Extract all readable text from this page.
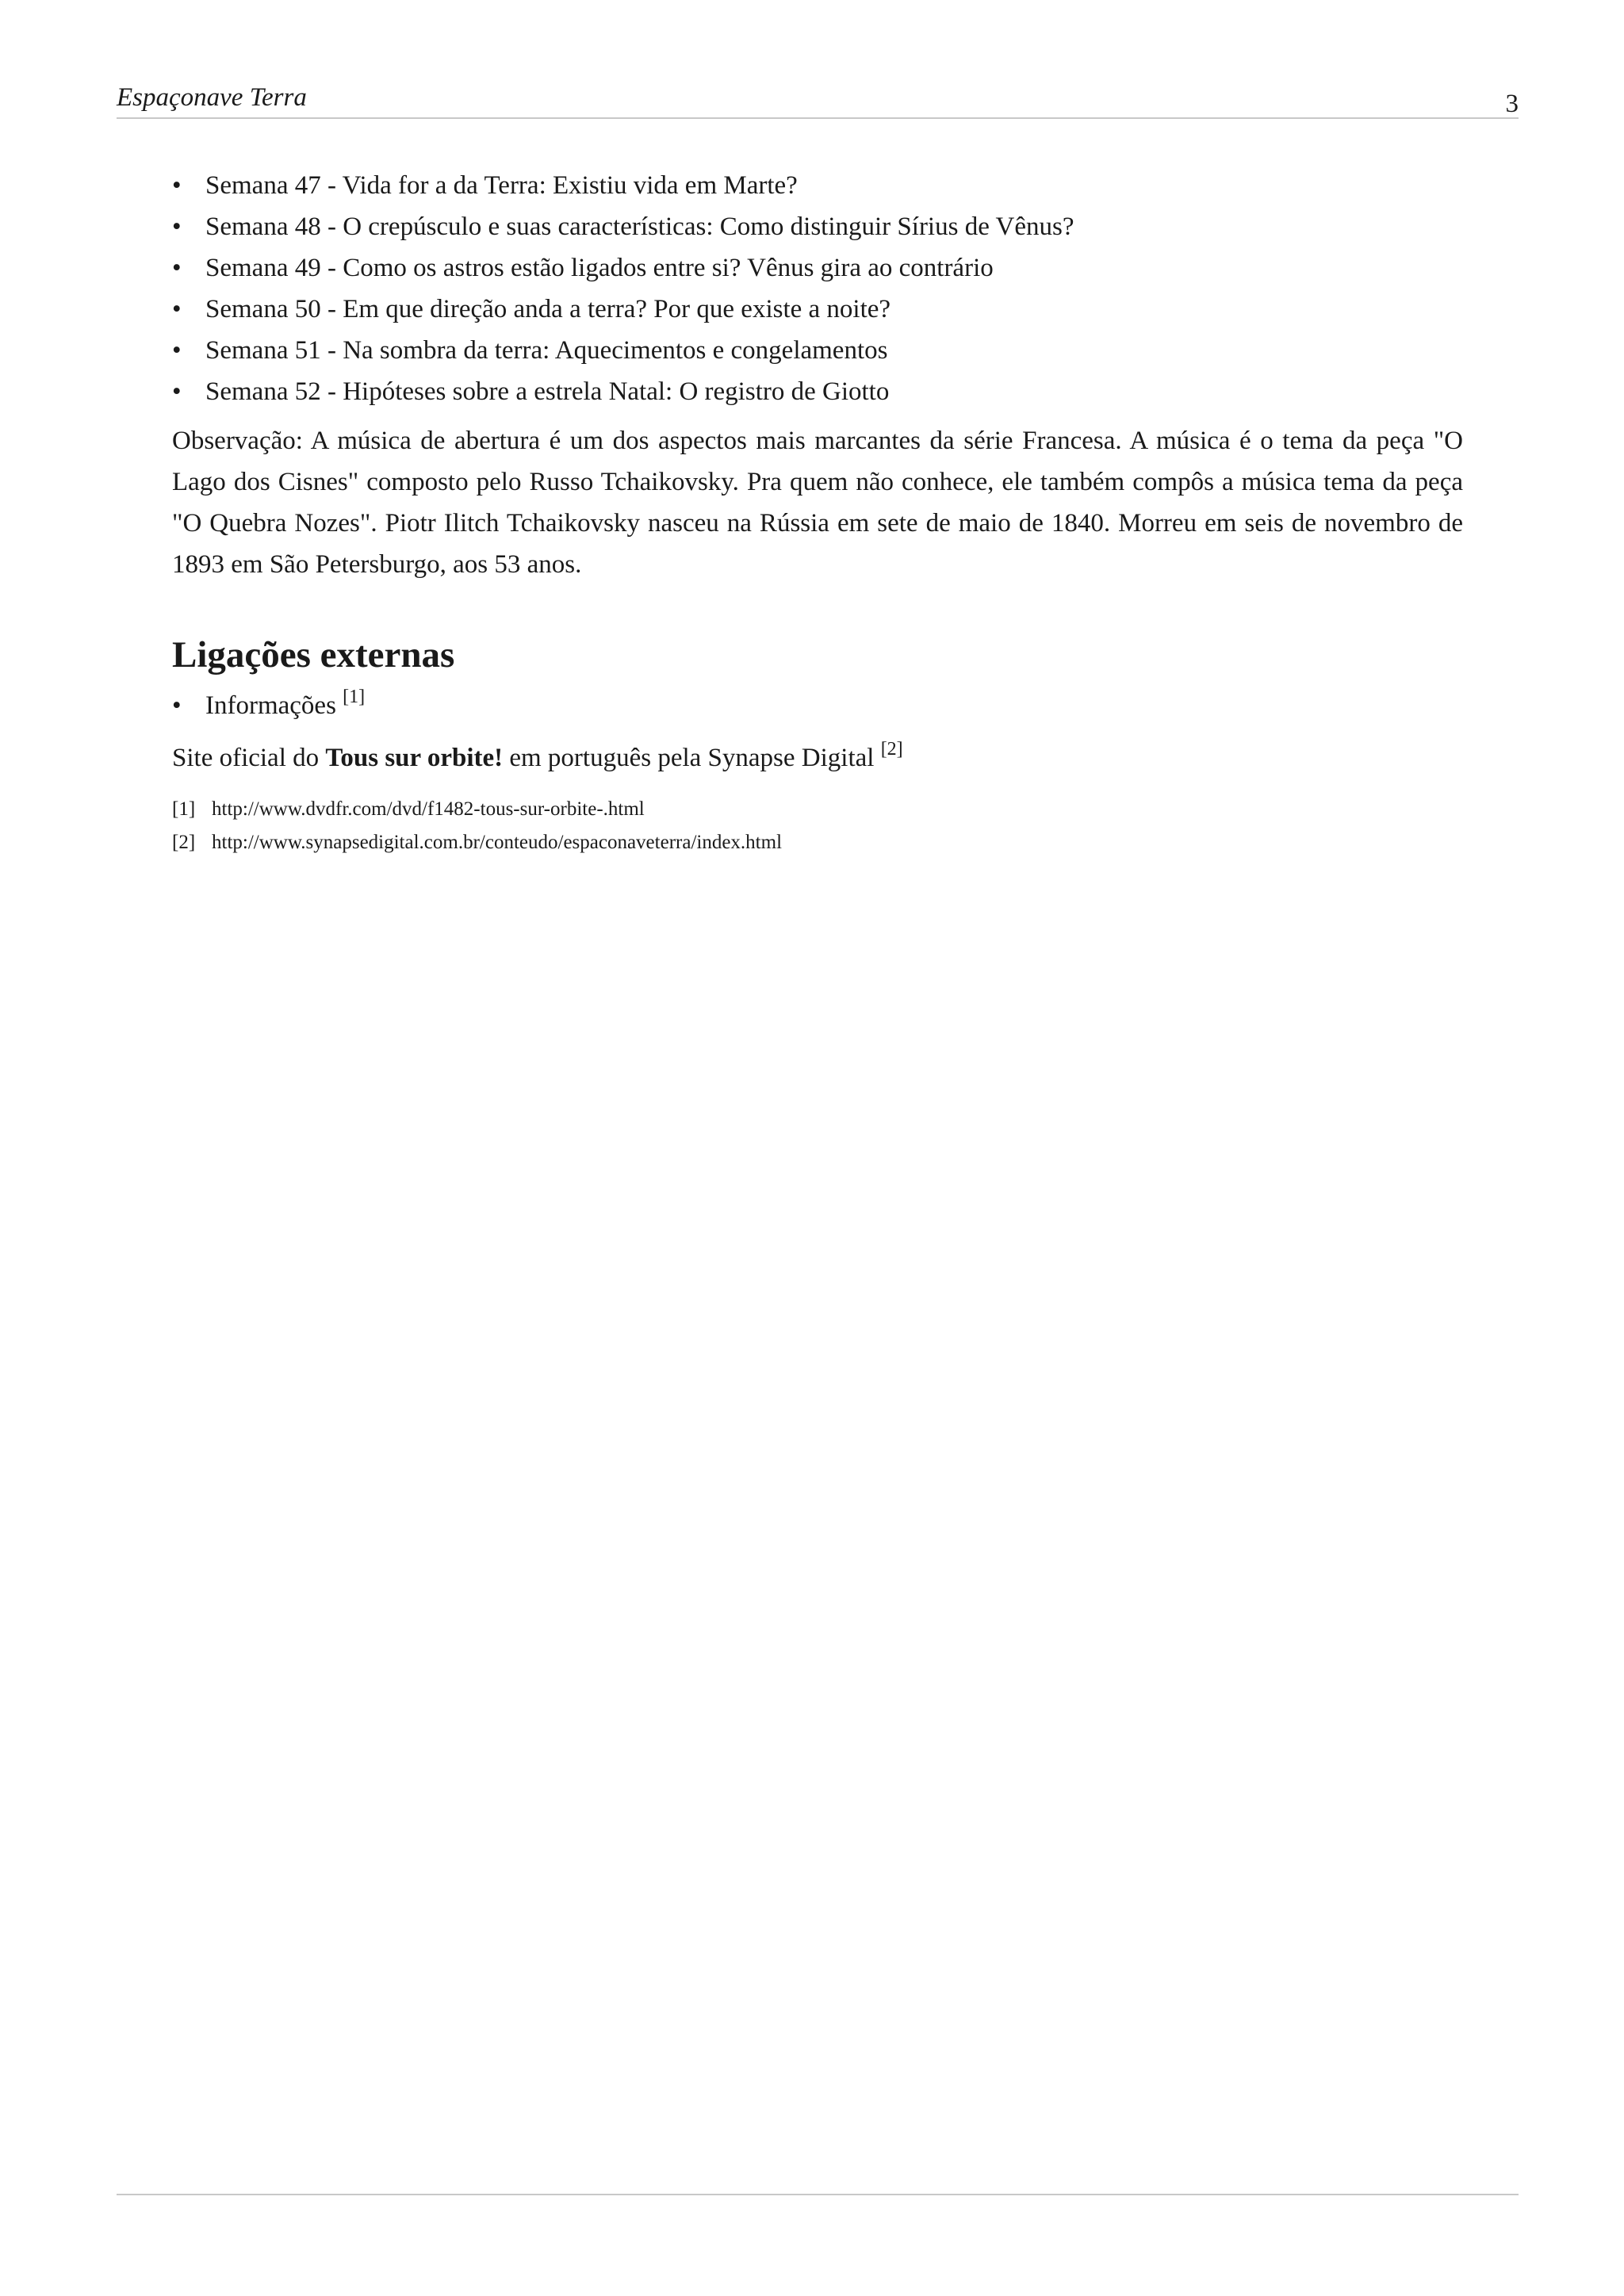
Espaçonave Terra	3
• Semana 47 - Vida for a da Terra: Existiu vida em Marte?
• Semana 48 - O crepúsculo e suas características: Como distinguir Sírius de Vênus?
• Semana 49 - Como os astros estão ligados entre si? Vênus gira ao contrário
• Semana 50 - Em que direção anda a terra? Por que existe a noite?
• Semana 51 - Na sombra da terra: Aquecimentos e congelamentos
• Semana 52 - Hipóteses sobre a estrela Natal: O registro de Giotto

Observação: A música de abertura é um dos aspectos mais marcantes da série Francesa. A música é o tema da peça "O Lago dos Cisnes" composto pelo Russo Tchaikovsky. Pra quem não conhece, ele também compôs a música tema da peça "O Quebra Nozes". Piotr Ilitch Tchaikovsky nasceu na Rússia em sete de maio de 1840. Morreu em seis de novembro de 1893 em São Petersburgo, aos 53 anos.

Ligações externas
• Informações [1]

Site oficial do Tous sur orbite! em português pela Synapse Digital [2]

[1] http://www.dvdfr.com/dvd/f1482-tous-sur-orbite-.html
[2] http://www.synapsedigital.com.br/conteudo/espaconaveterra/index.html
